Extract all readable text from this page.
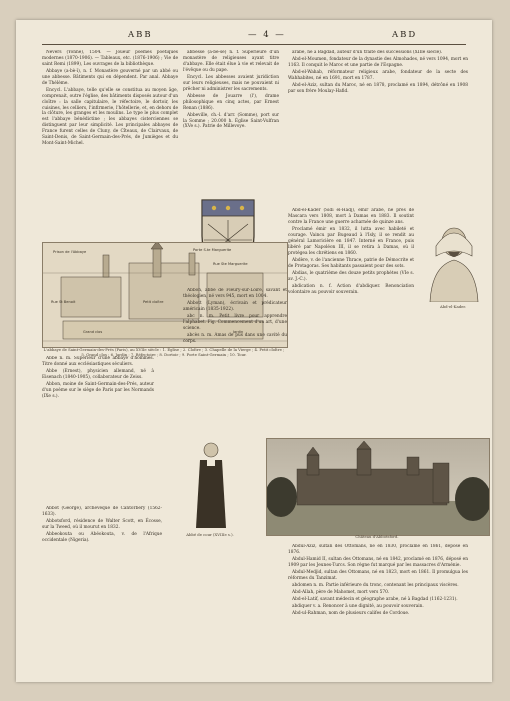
ABB	— 4 —	ABD

Nevers (Yonne), 1504. — Joueur poèmes poétiques modernes (1870-1906). — Tableaux, etc. (1876-1906) ; Vie de saint Remi (1899), Les ouvrages de la bibliothèque.

Abbaye (a-bè-ï), n. f. Monastère gouverné par un abbé ou une abbesse. Bâtiments qui en dépendent. Par anal. Abbaye de Thélème.

Encycl. L'abbaye, telle qu'elle se constitua au moyen âge, comprenait, outre l'église, des bâtiments disposés autour d'un cloître : la salle capitulaire, le réfectoire, le dortoir, les cuisines, les celliers, l'infirmerie, l'hôtellerie, et, en dehors de la clôture, les granges et les moulins. Le type le plus complet est l'abbaye bénédictine ; les abbayes cisterciennes se distinguent par leur simplicité. Les principales abbayes de France furent celles de Cluny, de Cîteaux, de Clairvaux, de Saint-Denis, de Saint-Germain-des-Prés, de Jumièges et du Mont-Saint-Michel.

abbesse (a-bè-se) n. f. Supérieure d'un monastère de religieuses ayant titre d'abbaye. Elle était élue à vie et relevait de l'évêque ou du pape.

Encycl. Les abbesses avaient juridiction sur leurs religieuses, mais ne pouvaient ni prêcher ni administrer les sacrements.

Abbesse de Jouarre (l'), drame philosophique en cinq actes, par Ernest Renan (1886).

Abbeville, ch.-l. d'arr. (Somme), port sur la Somme ; 20.000 h. Église Saint-Vulfran (XVe s.). Patrie de Millevoye.

arabe, né à Bagdad, auteur d'un traité des successions (XIIIe siècle).

Abd-el-Moumen, fondateur de la dynastie des Almohades, né vers 1094, mort en 1163. Il conquit le Maroc et une partie de l'Espagne.

Abd-el-Wahab, réformateur religieux arabe, fondateur de la secte des Wahhabites, né en 1691, mort en 1787.

Abd-el-Aziz, sultan du Maroc, né en 1878, proclamé en 1894, détrôné en 1908 par son frère Moulay-Hafid.

Abd-el-Kader (Sidi el-Hadj), émir arabe, né près de Mascara vers 1808, mort à Damas en 1883. Il soutint contre la France une guerre acharnée de quinze ans.

Proclamé émir en 1832, il lutta avec habileté et courage. Vaincu par Bugeaud à l'Isly, il se rendit au général Lamoricière en 1847. Interné en France, puis libéré par Napoléon III, il se retira à Damas, où il protégea les chrétiens en 1860.

Abdère, v. de l'ancienne Thrace, patrie de Démocrite et de Protagoras. Ses habitants passaient pour des sots.

Abdias, le quatrième des douze petits prophètes (VIe s. av. J.-C.).

abdication n. f. Action d'abdiquer. Renonciation volontaire au pouvoir souverain.

Prison de l'Abbaye	Porte S.te Marguerite
Rue Ste Marguerite
Rue St Benoit
Jardin
Grand clos
Petit cloître
L'abbaye de Saint-Germain-des-Prés (Paris), au XVIIe siècle : 1. Église ; 2. Cloître ; 3. Chapelle de la Vierge ; 4. Petit cloître ; 5. Grand clos ; 6. Jardin ; 7. Réfectoire ; 8. Dortoir ; 9. Porte Saint-Germain ; 10. Tour.
Abd-el-Kader.

Abbé n. m. Supérieur d'une abbaye d'hommes. Titre donné aux ecclésiastiques séculiers.

Abbe (Ernest), physicien allemand, né à Eisenach (1840-1905), collaborateur de Zeiss.

Abbon, moine de Saint-Germain-des-Prés, auteur d'un poème sur le siège de Paris par les Normands (IXe s.).

Abbon, abbé de Fleury-sur-Loire, savant et théologien, né vers 945, mort en 1004.

Abbott (Lyman), écrivain et prédicateur américain (1835-1922).

abc n. m. Petit livre pour apprendre l'alphabet. Fig. Commencement d'un art, d'une science.

abcès n. m. Amas de pus dans une cavité du corps.

Abbot (George), archevêque de Cantorbéry (1562-1633).

Abbotsford, résidence de Walter Scott, en Écosse, sur la Tweed, où il mourut en 1832.

Abbeokouta ou Abéokouta, v. de l'Afrique occidentale (Nigeria).

Abbé de cour (XVIIIe s.).	Château d'Abbotsford.

Abdul-Aziz, sultan des Ottomans, né en 1830, proclamé en 1861, déposé en 1876.

Abdul-Hamid II, sultan des Ottomans, né en 1842, proclamé en 1876, déposé en 1909 par les Jeunes-Turcs. Son règne fut marqué par les massacres d'Arménie.

Abdul-Medjid, sultan des Ottomans, né en 1823, mort en 1861. Il promulgua les réformes du Tanzimat.

abdomen n. m. Partie inférieure du tronc, contenant les principaux viscères.

Abd-Allah, père de Mahomet, mort vers 570.

Abd-el-Latif, savant médecin et géographe arabe, né à Bagdad (1162-1231).

abdiquer v. a. Renoncer à une dignité, au pouvoir souverain.

Abd-ul-Rahman, nom de plusieurs califes de Cordoue.
